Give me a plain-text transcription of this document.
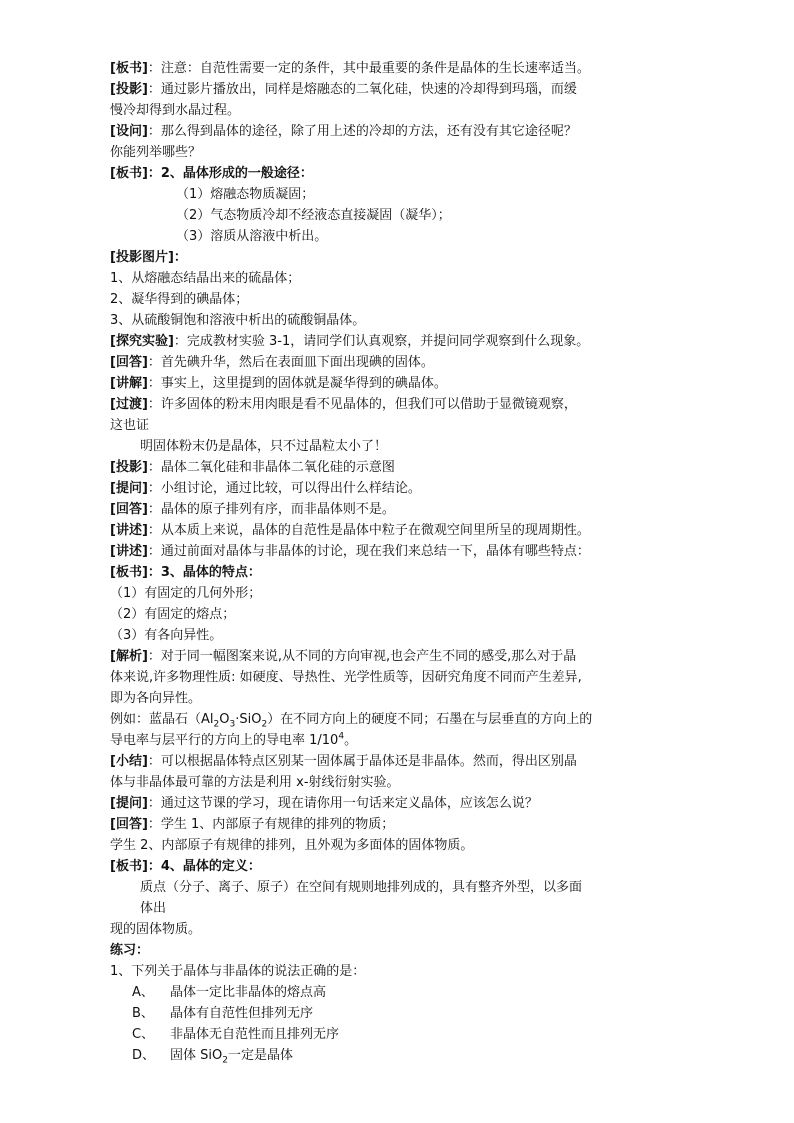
[板书]：注意：自范性需要一定的条件，其中最重要的条件是晶体的生长速率适当。
[投影]：通过影片播放出，同样是熔融态的二氧化硅，快速的冷却得到玛瑙，而缓
慢冷却得到水晶过程。
[设问]：那么得到晶体的途径，除了用上述的冷却的方法，还有没有其它途径呢？
你能列举哪些？
[板书]：2、晶体形成的一般途径：
（1）熔融态物质凝固；
（2）气态物质冷却不经液态直接凝固（凝华）；
（3）溶质从溶液中析出。
[投影图片]：
1、从熔融态结晶出来的硫晶体；
2、凝华得到的碘晶体；
3、从硫酸铜饱和溶液中析出的硫酸铜晶体。
[探究实验]：完成教材实验 3-1，请同学们认真观察，并提问同学观察到什么现象。
[回答]：首先碘升华，然后在表面皿下面出现碘的固体。
[讲解]：事实上，这里提到的固体就是凝华得到的碘晶体。
[过渡]：许多固体的粉末用肉眼是看不见晶体的，但我们可以借助于显微镜观察，
这也证
明固体粉末仍是晶体，只不过晶粒太小了！
[投影]：晶体二氧化硅和非晶体二氧化硅的示意图
[提问]：小组讨论，通过比较，可以得出什么样结论。
[回答]：晶体的原子排列有序，而非晶体则不是。
[讲述]：从本质上来说，晶体的自范性是晶体中粒子在微观空间里所呈的现周期性。
[讲述]：通过前面对晶体与非晶体的讨论，现在我们来总结一下，晶体有哪些特点：
[板书]：3、晶体的特点：
（1）有固定的几何外形；
（2）有固定的熔点；
（3）有各向异性。
[解析]：对于同一幅图案来说,从不同的方向审视,也会产生不同的感受,那么对于晶
体来说,许多物理性质: 如硬度、导热性、光学性质等，因研究角度不同而产生差异,
即为各向异性。
例如：蓝晶石$(Al_2O_3\cdot SiO_2)$在不同方向上的硬度不同；石墨在与层垂直的方向上的
导电率与层平行的方向上的导电率 $1/10^4$。
[小结]：可以根据晶体特点区别某一固体属于晶体还是非晶体。然而，得出区别晶
体与非晶体最可靠的方法是利用 x-射线衍射实验。
[提问]：通过这节课的学习，现在请你用一句话来定义晶体，应该怎么说？
[回答]：学生 1、内部原子有规律的排列的物质；
学生 2、内部原子有规律的排列，且外观为多面体的固体物质。
[板书]：4、晶体的定义：
质点（分子、离子、原子）在空间有规则地排列成的，具有整齐外型，以多面
体出
现的固体物质。
练习：
1、下列关于晶体与非晶体的说法正确的是：
A、 晶体一定比非晶体的熔点高
B、 晶体有自范性但排列无序
C、 非晶体无自范性而且排列无序
D、 固体 SiO$_2$一定是晶体
